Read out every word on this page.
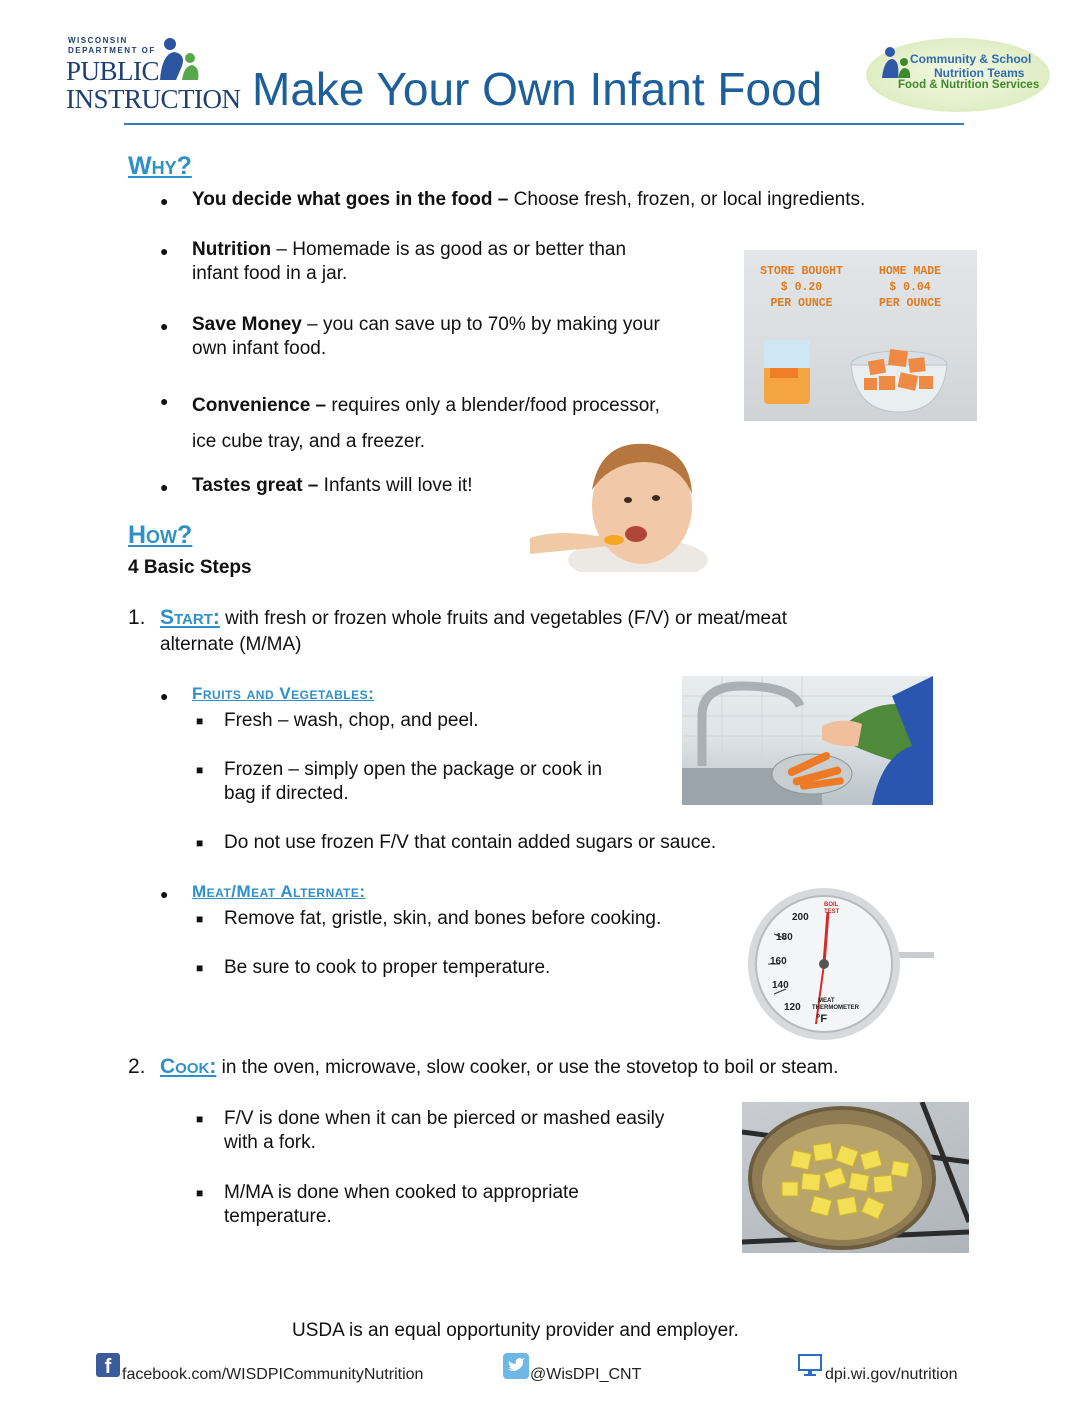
WISCONSIN
DEPARTMENT OF
PUBLIC
INSTRUCTION Make Your Own Infant Food
Community & School
Nutrition Teams
Food & Nutrition Services
Why?
● You decide what goes in the food – Choose fresh, frozen, or local ingredients.
● Nutrition – Homemade is as good as or better than
infant food in a jar.
● Save Money – you can save up to 70% by making your
own infant food.
● Convenience – requires only a blender/food processor,
ice cube tray, and a freezer.
● Tastes great – Infants will love it!
STORE BOUGHT
$ 0.20
PER OUNCE
HOME MADE
$ 0.04
PER OUNCE
How?
4 Basic Steps
1. Start: with fresh or frozen whole fruits and vegetables (F/V) or meat/meat
alternate (M/MA)
● Fruits and Vegetables:
■ Fresh – wash, chop, and peel.
■ Frozen – simply open the package or cook in
bag if directed.
■ Do not use frozen F/V that contain added sugars or sauce.
● Meat/Meat Alternate:
■ Remove fat, gristle, skin, and bones before cooking.
■ Be sure to cook to proper temperature.
200
180
160
140
120
°F
MEAT
THERMOMETER
BOIL
TEST
2. Cook: in the oven, microwave, slow cooker, or use the stovetop to boil or steam.
■ F/V is done when it can be pierced or mashed easily
with a fork.
■ M/MA is done when cooked to appropriate
temperature.
USDA is an equal opportunity provider and employer.
f facebook.com/WISDPICommunityNutrition	@WisDPI_CNT	dpi.wi.gov/nutrition
